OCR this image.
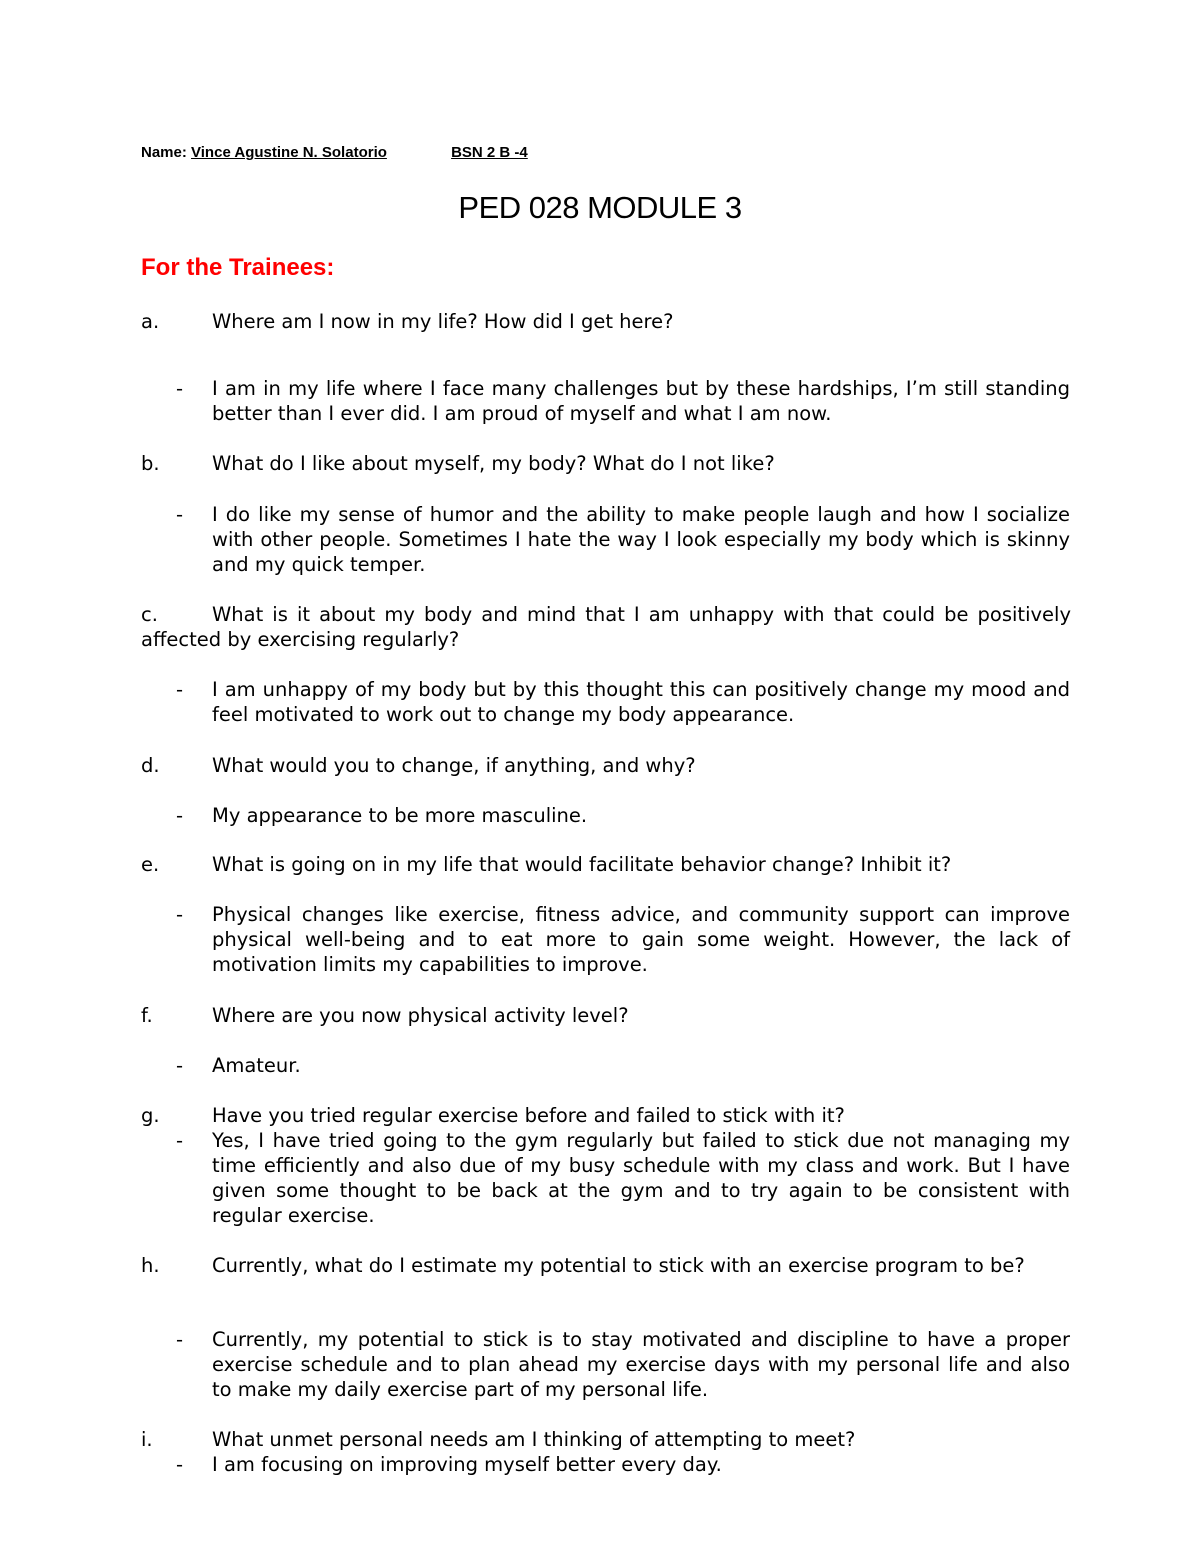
Name: Vince Agustine N. Solatorio	BSN 2 B -4
PED 028 MODULE 3
For the Trainees:
a.	Where am I now in my life? How did I get here?
- I am in my life where I face many challenges but by these hardships, I’m still standing better than I ever did. I am proud of myself and what I am now.
b.	What do I like about myself, my body? What do I not like?
- I do like my sense of humor and the ability to make people laugh and how I socialize with other people. Sometimes I hate the way I look especially my body which is skinny and my quick temper.
c.	What is it about my body and mind that I am unhappy with that could be positively affected by exercising regularly?
- I am unhappy of my body but by this thought this can positively change my mood and feel motivated to work out to change my body appearance.
d.	What would you to change, if anything, and why?
- My appearance to be more masculine.
e.	What is going on in my life that would facilitate behavior change? Inhibit it?
- Physical changes like exercise, fitness advice, and community support can improve physical well-being and to eat more to gain some weight. However, the lack of motivation limits my capabilities to improve.
f.	Where are you now physical activity level?
- Amateur.
g.	Have you tried regular exercise before and failed to stick with it?
- Yes, I have tried going to the gym regularly but failed to stick due not managing my time efficiently and also due of my busy schedule with my class and work. But I have given some thought to be back at the gym and to try again to be consistent with regular exercise.
h.	Currently, what do I estimate my potential to stick with an exercise program to be?
- Currently, my potential to stick is to stay motivated and discipline to have a proper exercise schedule and to plan ahead my exercise days with my personal life and also to make my daily exercise part of my personal life.
i.	What unmet personal needs am I thinking of attempting to meet?
- I am focusing on improving myself better every day.
